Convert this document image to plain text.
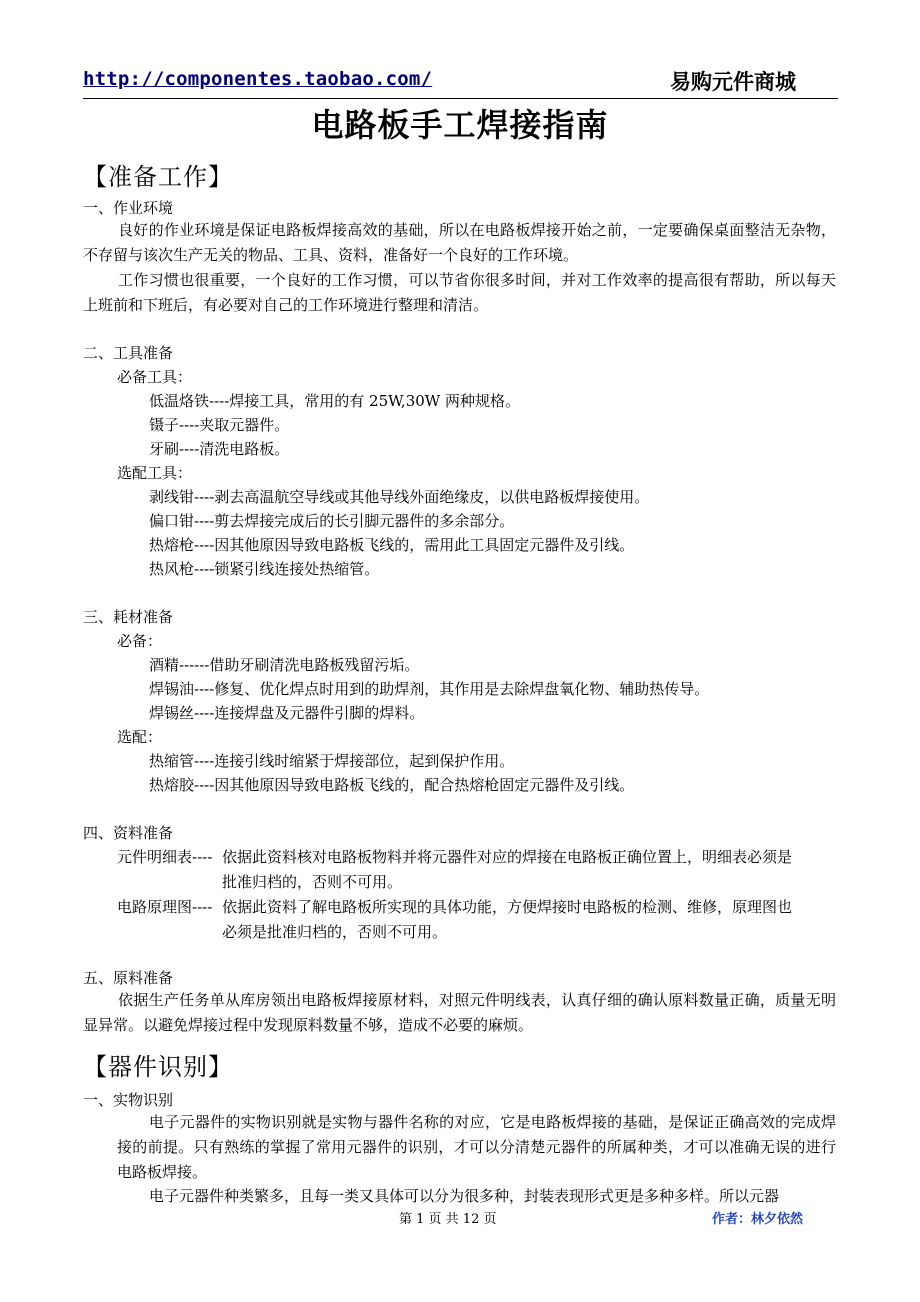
http://componentes.taobao.com/	易购元件商城
电路板手工焊接指南
【准备工作】
一、作业环境
良好的作业环境是保证电路板焊接高效的基础，所以在电路板焊接开始之前，一定要确保桌面整洁无杂物，不存留与该次生产无关的物品、工具、资料，准备好一个良好的工作环境。
工作习惯也很重要，一个良好的工作习惯，可以节省你很多时间，并对工作效率的提高很有帮助，所以每天上班前和下班后，有必要对自己的工作环境进行整理和清洁。
二、工具准备
必备工具：
低温烙铁----焊接工具，常用的有 25W,30W 两种规格。
镊子----夹取元器件。
牙刷----清洗电路板。
选配工具：
剥线钳----剥去高温航空导线或其他导线外面绝缘皮，以供电路板焊接使用。
偏口钳----剪去焊接完成后的长引脚元器件的多余部分。
热熔枪----因其他原因导致电路板飞线的，需用此工具固定元器件及引线。
热风枪----锁紧引线连接处热缩管。
三、耗材准备
必备：
酒精------借助牙刷清洗电路板残留污垢。
焊锡油----修复、优化焊点时用到的助焊剂，其作用是去除焊盘氧化物、辅助热传导。
焊锡丝----连接焊盘及元器件引脚的焊料。
选配：
热缩管----连接引线时缩紧于焊接部位，起到保护作用。
热熔胶----因其他原因导致电路板飞线的，配合热熔枪固定元器件及引线。
四、资料准备
元件明细表---- 依据此资料核对电路板物料并将元器件对应的焊接在电路板正确位置上，明细表必须是
批准归档的，否则不可用。
电路原理图---- 依据此资料了解电路板所实现的具体功能，方便焊接时电路板的检测、维修，原理图也
必须是批准归档的，否则不可用。
五、原料准备
依据生产任务单从库房领出电路板焊接原材料，对照元件明线表，认真仔细的确认原料数量正确，质量无明显异常。以避免焊接过程中发现原料数量不够，造成不必要的麻烦。
【器件识别】
一、实物识别
电子元器件的实物识别就是实物与器件名称的对应，它是电路板焊接的基础，是保证正确高效的完成焊接的前提。只有熟练的掌握了常用元器件的识别，才可以分清楚元器件的所属种类，才可以准确无误的进行电路板焊接。
电子元器件种类繁多，且每一类又具体可以分为很多种，封装表现形式更是多种多样。所以元器
第 1 页 共 12 页	作者：林夕依然
